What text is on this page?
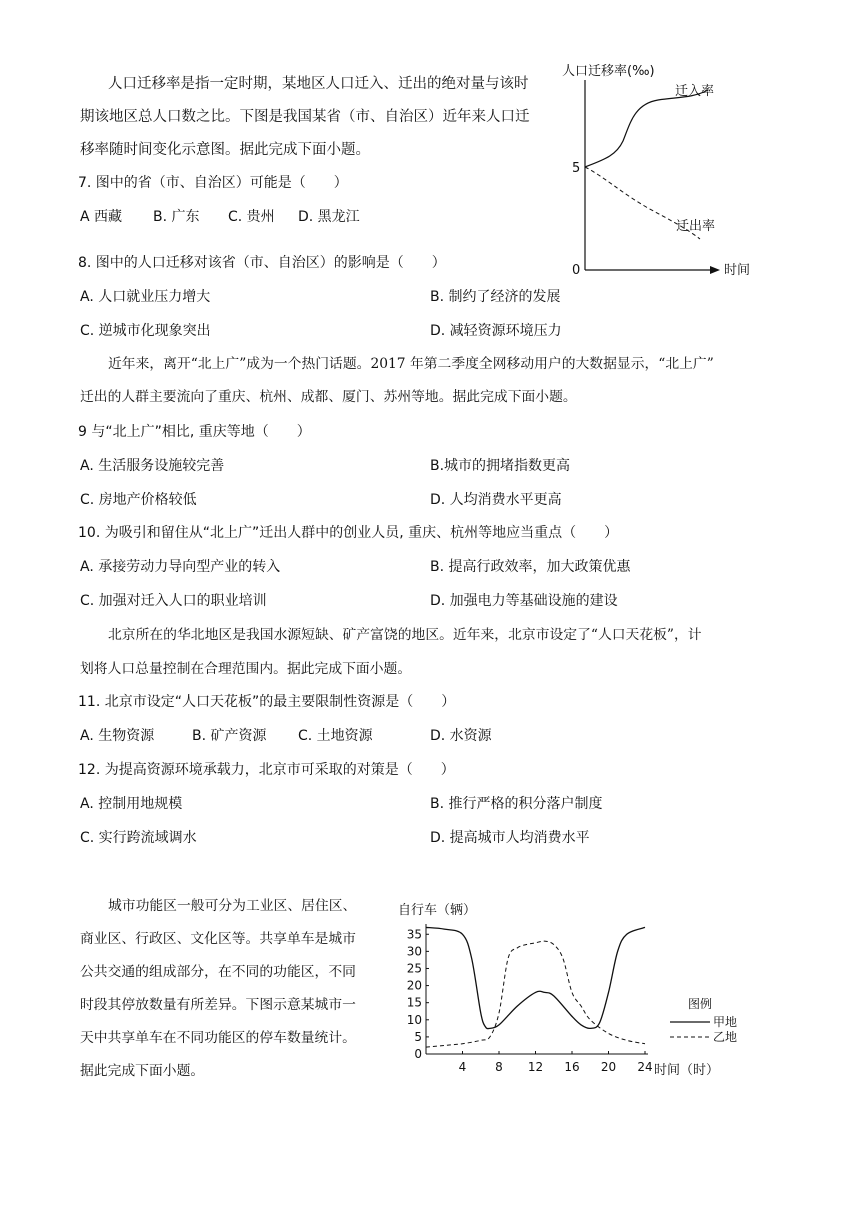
人口迁移率是指一定时期，某地区人口迁入、迁出的绝对量与该时
期该地区总人口数之比。下图是我国某省（市、自治区）近年来人口迁
移率随时间变化示意图。据此完成下面小题。
人口迁移率(‰)
时间
0
5
迁入率
迁出率
7. 图中的省（市、自治区）可能是（　　）
A 西藏 B. 广东 C. 贵州 D. 黑龙江
8. 图中的人口迁移对该省（市、自治区）的影响是（　　）
A. 人口就业压力增大	B. 制约了经济的发展
C. 逆城市化现象突出	D. 减轻资源环境压力
近年来，离开“北上广”成为一个热门话题。2017 年第二季度全网移动用户的大数据显示，“北上广”
迁出的人群主要流向了重庆、杭州、成都、厦门、苏州等地。据此完成下面小题。
9 与“北上广”相比, 重庆等地（　　）
A. 生活服务设施较完善	B.城市的拥堵指数更高
C. 房地产价格较低	D. 人均消费水平更高
10. 为吸引和留住从“北上广”迁出人群中的创业人员, 重庆、杭州等地应当重点（　　）
A. 承接劳动力导向型产业的转入	B. 提高行政效率，加大政策优惠
C. 加强对迁入人口的职业培训	D. 加强电力等基础设施的建设
北京所在的华北地区是我国水源短缺、矿产富饶的地区。近年来，北京市设定了“人口天花板”，计
划将人口总量控制在合理范围内。据此完成下面小题。
11. 北京市设定“人口天花板”的最主要限制性资源是（　　）
A. 生物资源	B. 矿产资源 C. 土地资源	D. 水资源
12. 为提高资源环境承载力，北京市可采取的对策是（　　）
A. 控制用地规模	B. 推行严格的积分落户制度
C. 实行跨流域调水	D. 提高城市人均消费水平
城市功能区一般可分为工业区、居住区、
商业区、行政区、文化区等。共享单车是城市
公共交通的组成部分，在不同的功能区，不同
时段其停放数量有所差异。下图示意某城市一
天中共享单车在不同功能区的停车数量统计。
据此完成下面小题。
自行车（辆）
0
5
10
15
20
25
30
35
4 8 12 16 20 24 时间（时）
图例
甲地
乙地
